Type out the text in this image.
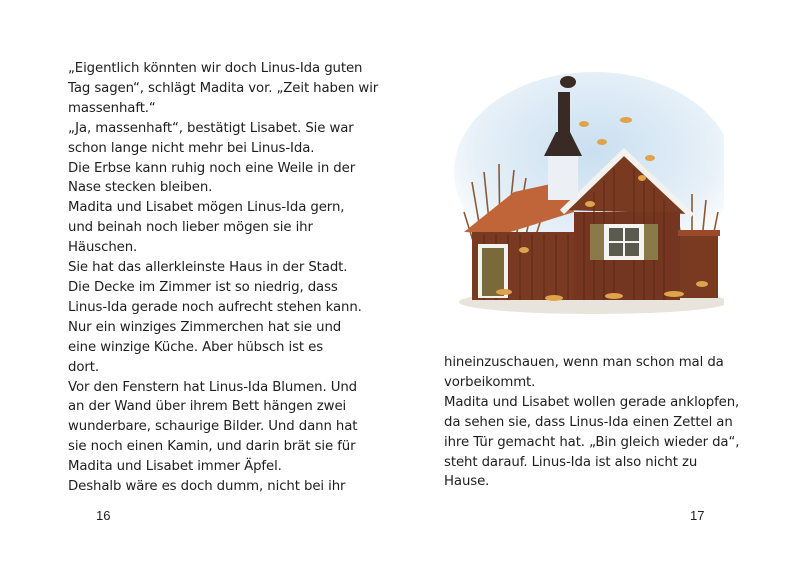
„Eigentlich könnten wir doch Linus-Ida guten
Tag sagen“, schlägt Madita vor. „Zeit haben wir
massenhaft.“
„Ja, massenhaft“, bestätigt Lisabet. Sie war
schon lange nicht mehr bei Linus-Ida.
Die Erbse kann ruhig noch eine Weile in der
Nase stecken bleiben.
Madita und Lisabet mögen Linus-Ida gern,
und beinah noch lieber mögen sie ihr
Häuschen.
Sie hat das allerkleinste Haus in der Stadt.
Die Decke im Zimmer ist so niedrig, dass
Linus-Ida gerade noch aufrecht stehen kann.
Nur ein winziges Zimmerchen hat sie und
eine winzige Küche. Aber hübsch ist es
dort.
Vor den Fenstern hat Linus-Ida Blumen. Und
an der Wand über ihrem Bett hängen zwei
wunderbare, schaurige Bilder. Und dann hat
sie noch einen Kamin, und darin brät sie für
Madita und Lisabet immer Äpfel.
Deshalb wäre es doch dumm, nicht bei ihr
16
hineinzuschauen, wenn man schon mal da
vorbeikommt.
Madita und Lisabet wollen gerade anklopfen,
da sehen sie, dass Linus-Ida einen Zettel an
ihre Tür gemacht hat. „Bin gleich wieder da“,
steht darauf. Linus-Ida ist also nicht zu
Hause.
17
